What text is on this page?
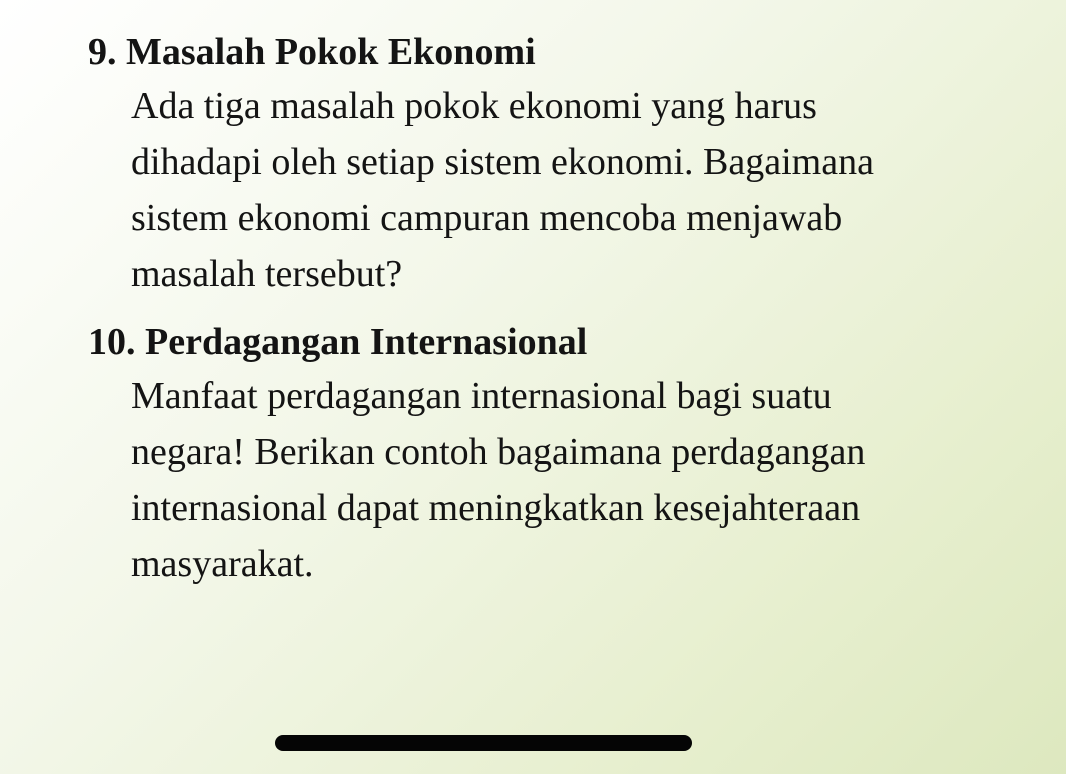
9. Masalah Pokok Ekonomi
Ada tiga masalah pokok ekonomi yang harus
dihadapi oleh setiap sistem ekonomi. Bagaimana
sistem ekonomi campuran mencoba menjawab
masalah tersebut?
10. Perdagangan Internasional
Manfaat perdagangan internasional bagi suatu
negara! Berikan contoh bagaimana perdagangan
internasional dapat meningkatkan kesejahteraan
masyarakat.
